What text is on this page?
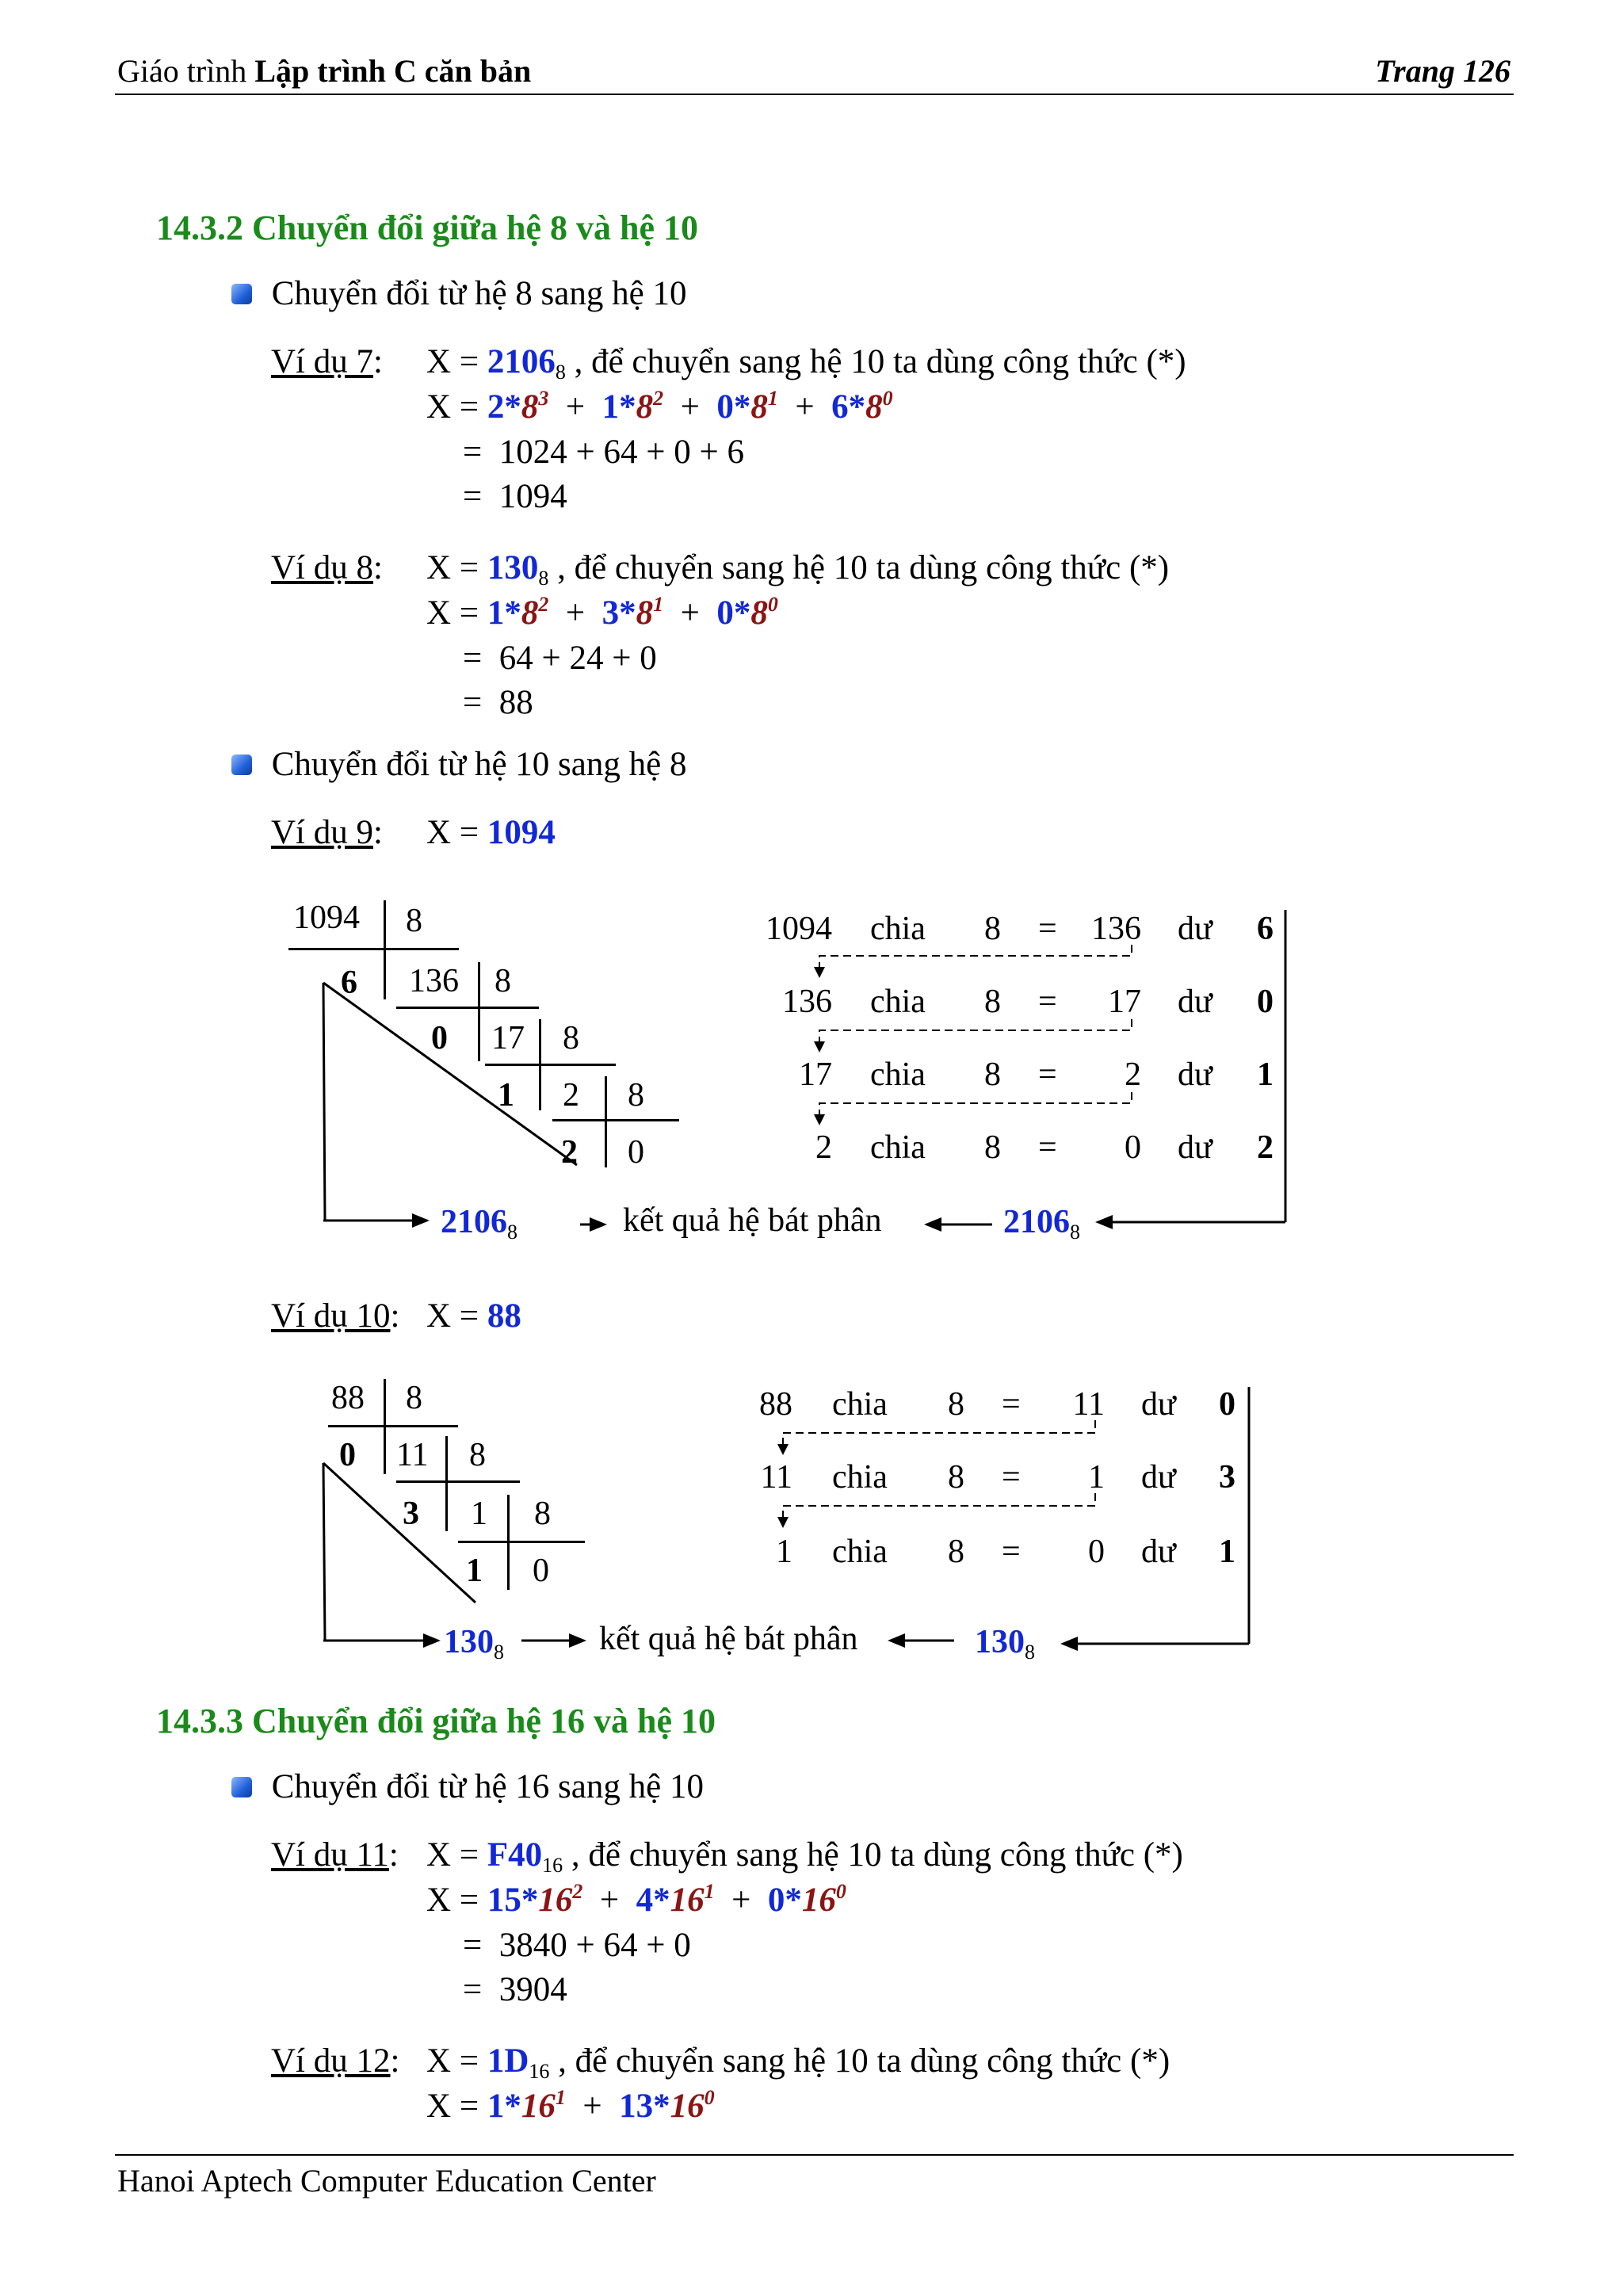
Giáo trình Lập trình C căn bản	Trang 126
14.3.2 Chuyển đổi giữa hệ 8 và hệ 10
Chuyển đổi từ hệ 8 sang hệ 10
Ví dụ 7: $X = 2106_8$ , để chuyển sang hệ 10 ta dùng công thức (*)
$X = 2*8^3 + 1*8^2 + 0*8^1 + 6*8^0$
= 1024 + 64 + 0 + 6
= 1094
Ví dụ 8: $X = 130_8$ , để chuyển sang hệ 10 ta dùng công thức (*)
$X = 1*8^2 + 3*8^1 + 0*8^0$
= 64 + 24 + 0
= 88
Chuyển đổi từ hệ 10 sang hệ 8
Ví dụ 9: X = 1094
1094 8
6 136 8
0 17 8
1 2 8
2 0
1094 chia 8 =	136 dư 6
136 chia 8 =	17 dư 0
17 chia 8 =	2 dư 1
2 chia 8 =	0 dư 2
$2106_8$	kết quả hệ bát phân	$2106_8$
Ví dụ 10: X = 88
88 8
0 11 8
3 1 8
1 0
88 chia 8 =	11 dư 0
11 chia 8 =	1 dư 3
1 chia 8 =	0 dư 1
$130_8$	kết quả hệ bát phân	$130_8$
14.3.3 Chuyển đổi giữa hệ 16 và hệ 10
Chuyển đổi từ hệ 16 sang hệ 10
Ví dụ 11: $X = F40_{16}$ , để chuyển sang hệ 10 ta dùng công thức (*)
$X = 15*16^2 + 4*16^1 + 0*16^0$
= 3840 + 64 + 0
= 3904
Ví dụ 12: $X = 1D_{16}$ , để chuyển sang hệ 10 ta dùng công thức (*)
$X = 1*16^1 + 13*16^0$
Hanoi Aptech Computer Education Center
